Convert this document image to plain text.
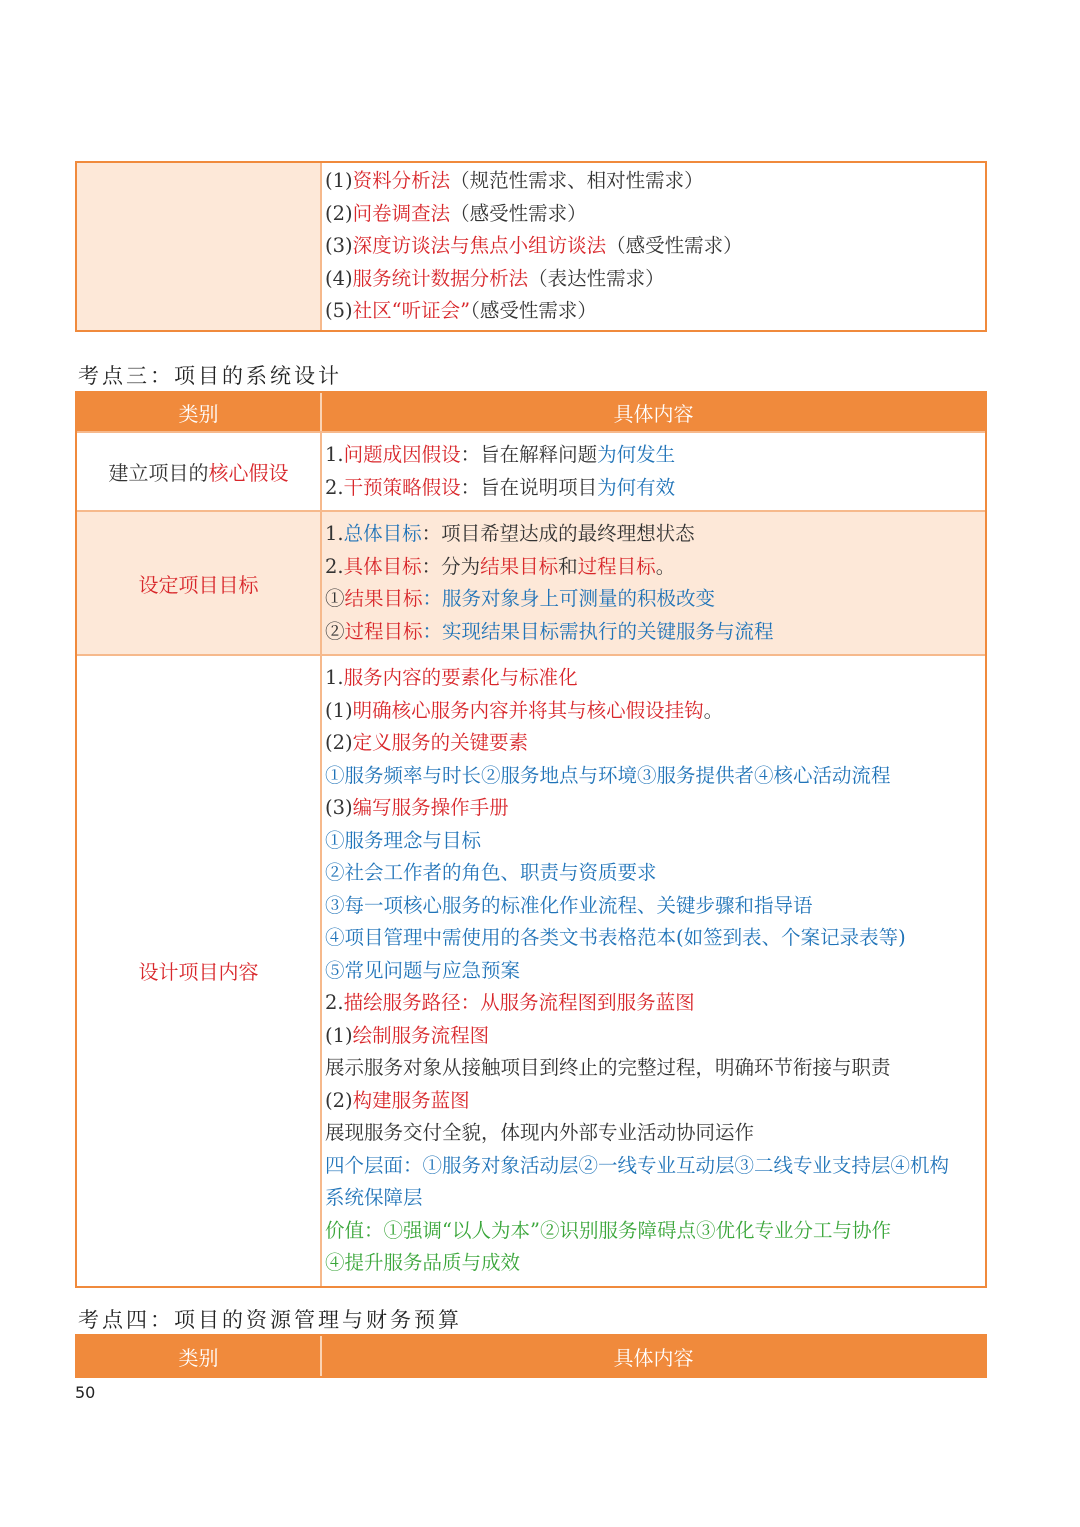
(1)资料分析法（规范性需求、相对性需求）
(2)问卷调查法（感受性需求）
(3)深度访谈法与焦点小组访谈法（感受性需求）
(4)服务统计数据分析法（表达性需求）
(5)社区“听证会”（感受性需求）
考点三：项目的系统设计
类别	具体内容
建立项目的 核心假设
1.问题成因假设：旨在解释问题为何发生
2.干预策略假设：旨在说明项目为何有效
设定项目目标
1.总体目标：项目希望达成的最终理想状态
2.具体目标：分为结果目标和过程目标。
①结果目标：服务对象身上可测量的积极改变
②过程目标：实现结果目标需执行的关键服务与流程
设计项目内容
1.服务内容的要素化与标准化
(1)明确核心服务内容并将其与核心假设挂钩。
(2)定义服务的关键要素
①服务频率与时长②服务地点与环境③服务提供者④核心活动流程
(3)编写服务操作手册
①服务理念与目标
②社会工作者的角色、职责与资质要求
③每一项核心服务的标准化作业流程、关键步骤和指导语
④项目管理中需使用的各类文书表格范本(如签到表、个案记录表等)
⑤常见问题与应急预案
2.描绘服务路径：从服务流程图到服务蓝图
(1)绘制服务流程图
展示服务对象从接触项目到终止的完整过程，明确环节衔接与职责
(2)构建服务蓝图
展现服务交付全貌，体现内外部专业活动协同运作
四个层面：①服务对象活动层②一线专业互动层③二线专业支持层④机构
系统保障层
价值：①强调“以人为本”②识别服务障碍点③优化专业分工与协作
④提升服务品质与成效
考点四：项目的资源管理与财务预算
类别	具体内容
50
